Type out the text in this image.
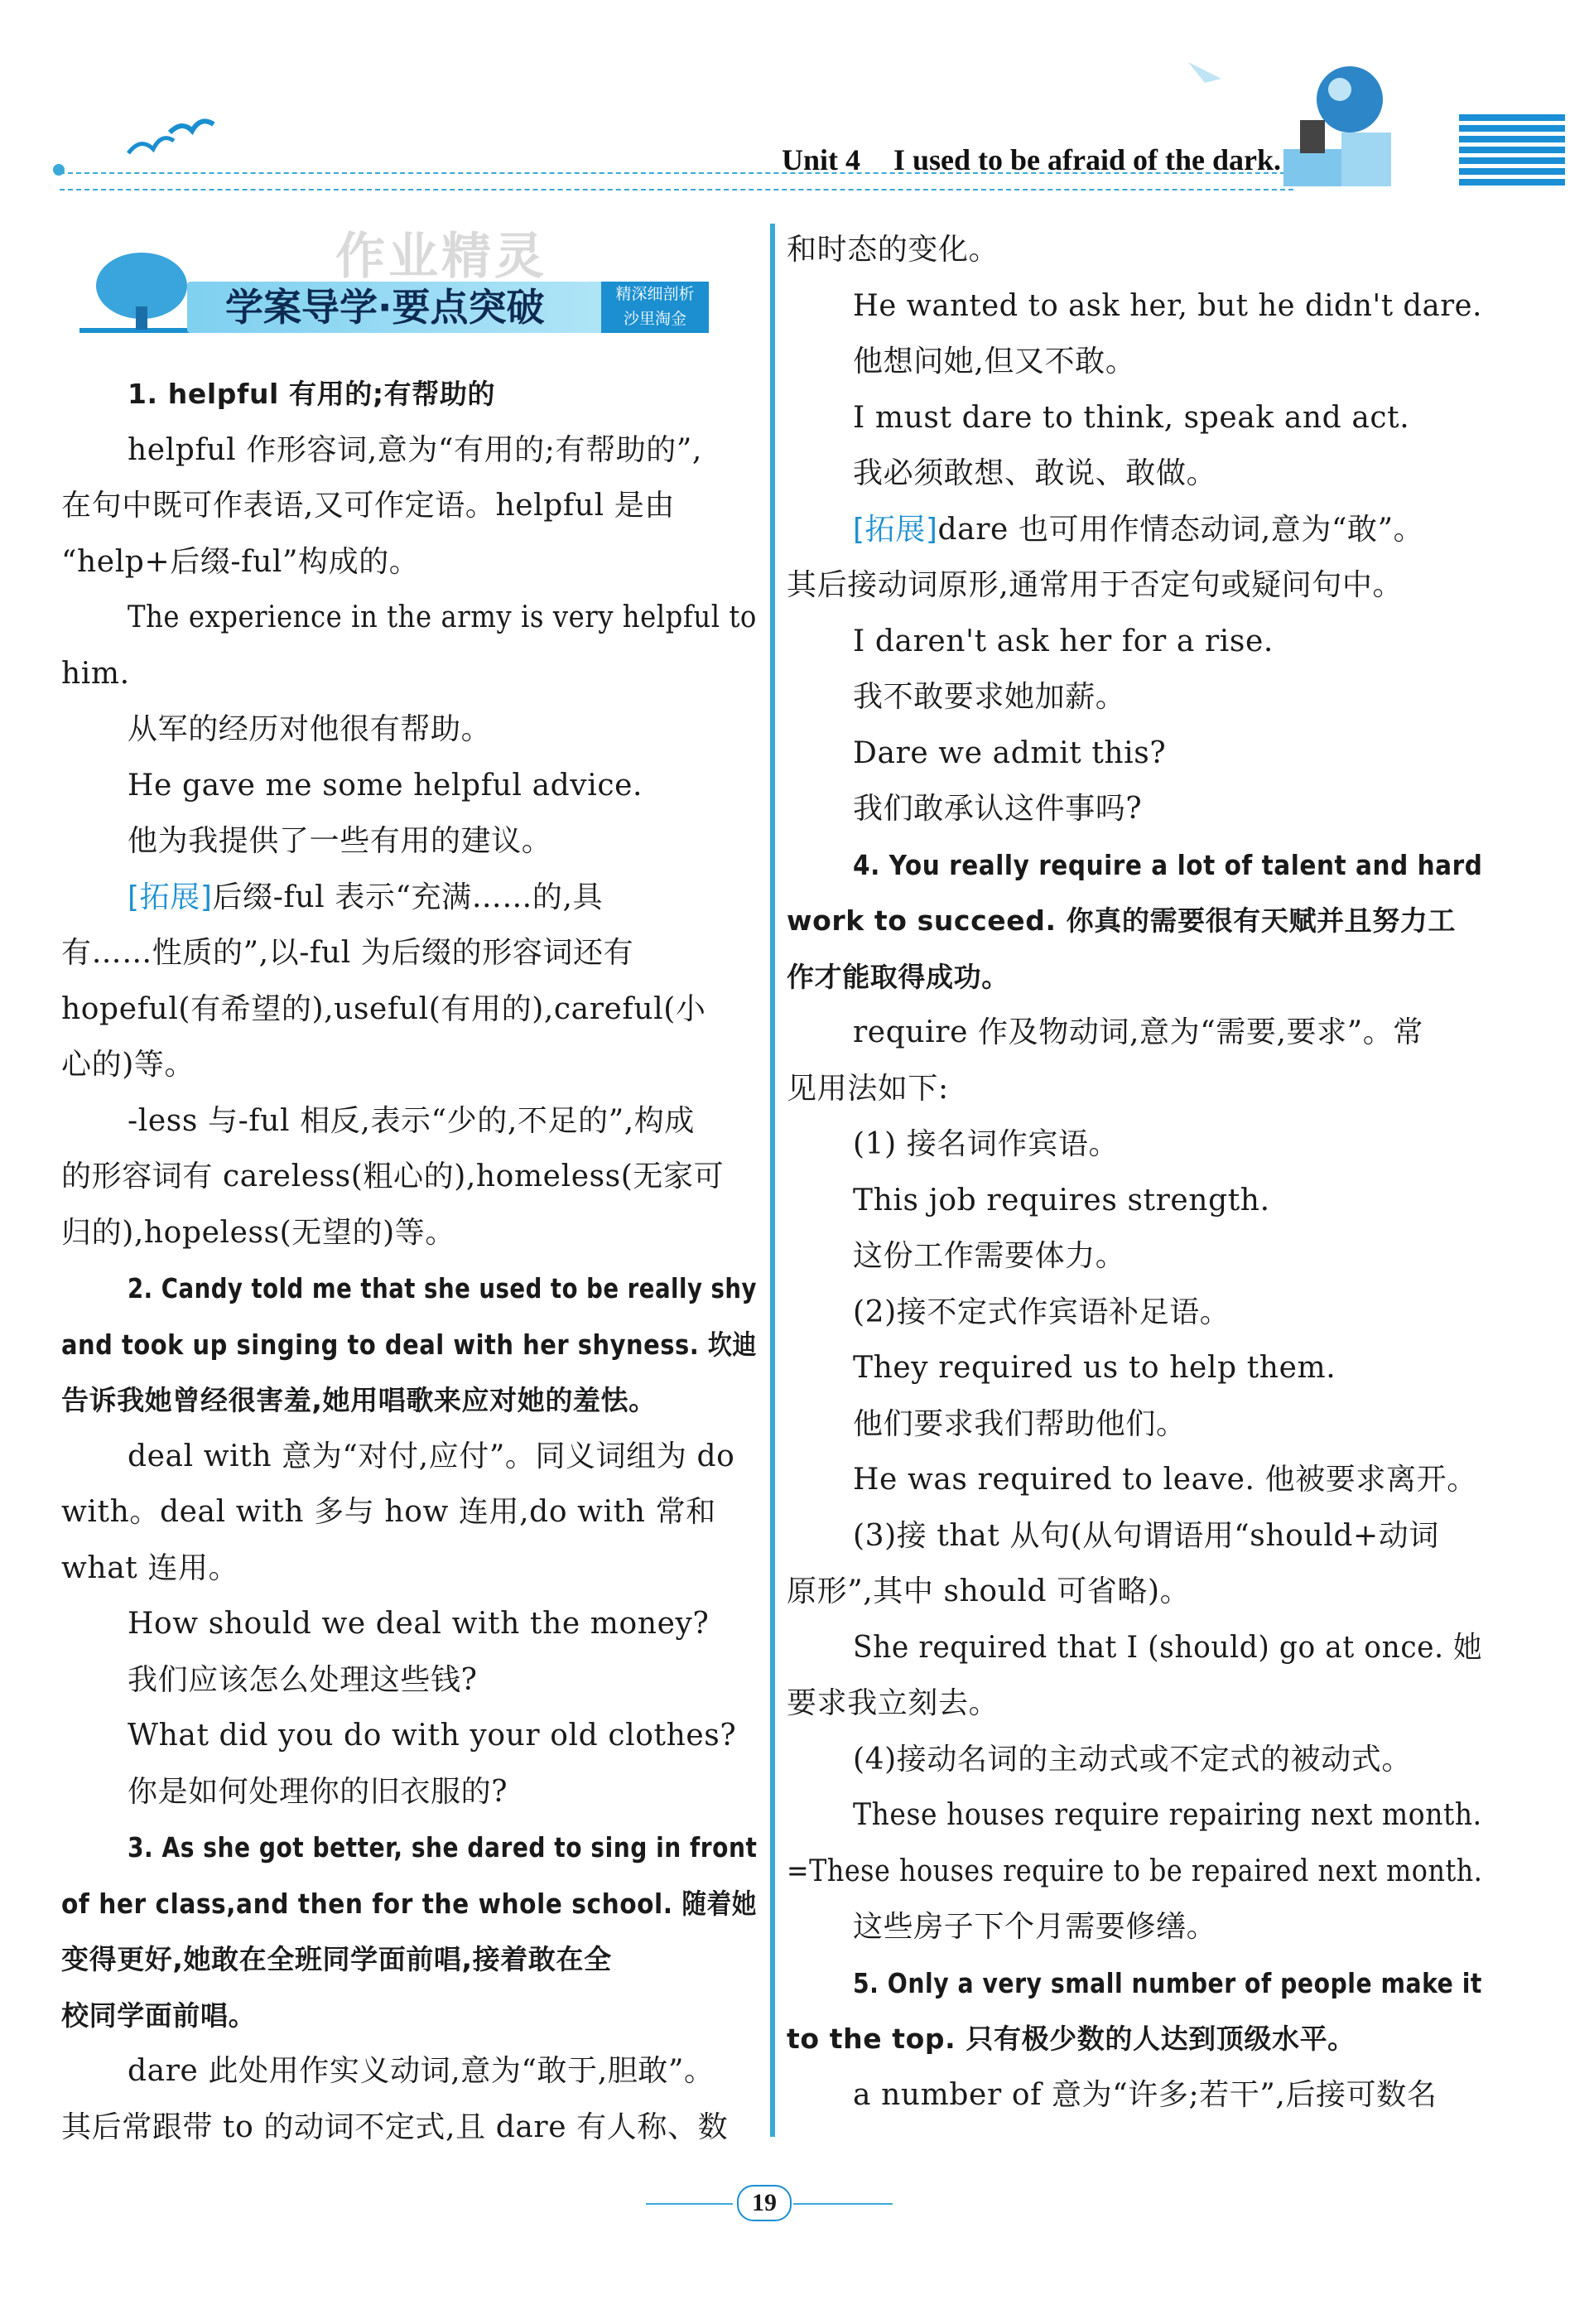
Unit 4 I used to be afraid of the dark.
学案导学·要点突破	精深细剖析
沙里淘金
作业精灵
1. helpful 有用的;有帮助的
helpful 作形容词,意为“有用的;有帮助的”,
在句中既可作表语,又可作定语。helpful 是由
“help+后缀-ful”构成的。
The experience in the army is very helpful to
him.
从军的经历对他很有帮助。
He gave me some helpful advice.
他为我提供了一些有用的建议。
[拓展]后缀-ful 表示“充满……的,具
有……性质的”,以-ful 为后缀的形容词还有
hopeful(有希望的),useful(有用的),careful(小
心的)等。
-less 与-ful 相反,表示“少的,不足的”,构成
的形容词有 careless(粗心的),homeless(无家可
归的),hopeless(无望的)等。
2. Candy told me that she used to be really shy
and took up singing to deal with her shyness. 坎迪
告诉我她曾经很害羞,她用唱歌来应对她的羞怯。
deal with 意为“对付,应付”。同义词组为 do
with。deal with 多与 how 连用,do with 常和
what 连用。
How should we deal with the money?
我们应该怎么处理这些钱?
What did you do with your old clothes?
你是如何处理你的旧衣服的?
3. As she got better, she dared to sing in front
of her class,and then for the whole school. 随着她
变得更好,她敢在全班同学面前唱,接着敢在全
校同学面前唱。
dare 此处用作实义动词,意为“敢于,胆敢”。
其后常跟带 to 的动词不定式,且 dare 有人称、数
和时态的变化。
He wanted to ask her, but he didn't dare.
他想问她,但又不敢。
I must dare to think, speak and act.
我必须敢想、敢说、敢做。
[拓展]dare 也可用作情态动词,意为“敢”。
其后接动词原形,通常用于否定句或疑问句中。
I daren't ask her for a rise.
我不敢要求她加薪。
Dare we admit this?
我们敢承认这件事吗?
4. You really require a lot of talent and hard
work to succeed. 你真的需要很有天赋并且努力工
作才能取得成功。
require 作及物动词,意为“需要,要求”。常
见用法如下:
(1) 接名词作宾语。
This job requires strength.
这份工作需要体力。
(2)接不定式作宾语补足语。
They required us to help them.
他们要求我们帮助他们。
He was required to leave. 他被要求离开。
(3)接 that 从句(从句谓语用“should+动词
原形”,其中 should 可省略)。
She required that I (should) go at once. 她
要求我立刻去。
(4)接动名词的主动式或不定式的被动式。
These houses require repairing next month.
=These houses require to be repaired next month.
这些房子下个月需要修缮。
5. Only a very small number of people make it
to the top. 只有极少数的人达到顶级水平。
a number of 意为“许多;若干”,后接可数名
19
